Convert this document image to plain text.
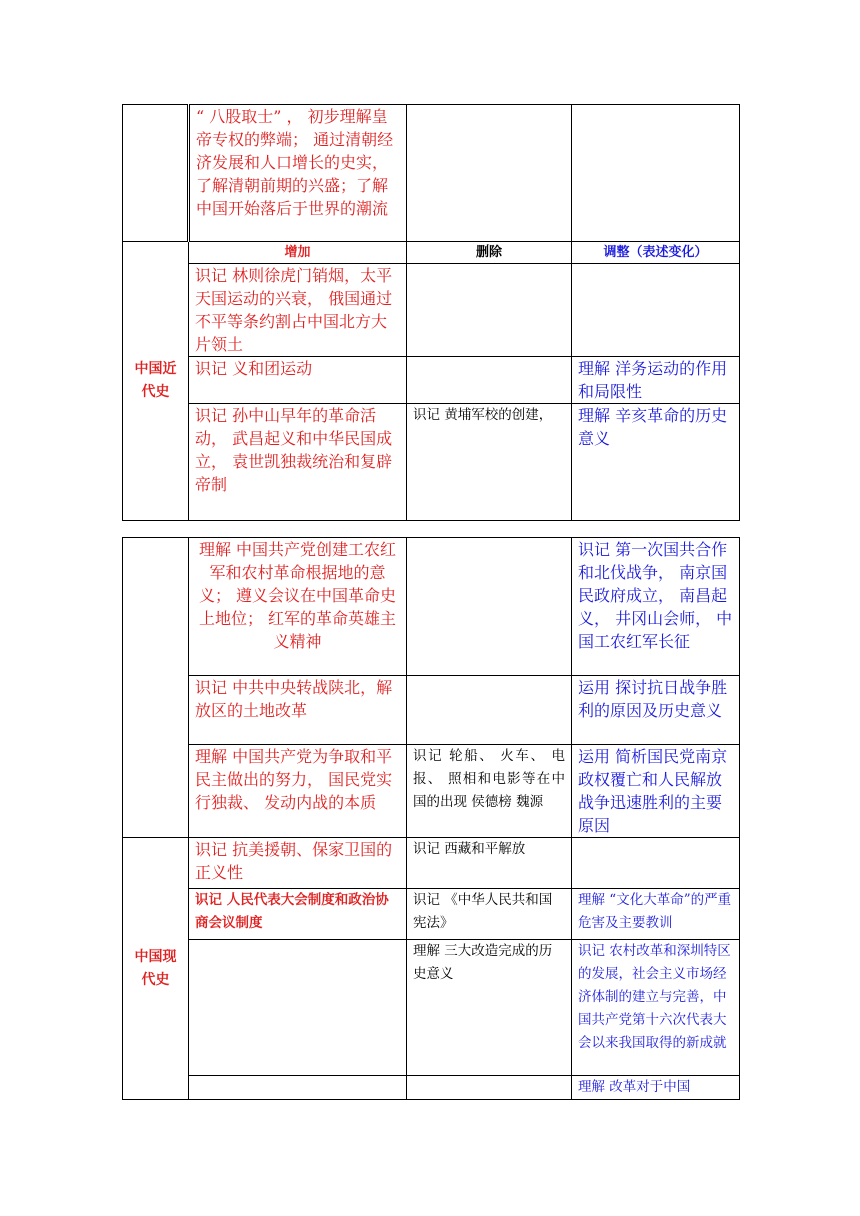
	“ 八股取士” ， 初步理解皇帝专权的弊端； 通过清朝经济发展和人口增长的史实， 了解清朝前期的兴盛；了解中国开始落后于世界的潮流		
中国近代史	增加	删除	调整（表述变化）
	识记 林则徐虎门销烟，太平天国运动的兴衰， 俄国通过不平等条约割占中国北方大片领土		
	识记 义和团运动		理解 洋务运动的作用和局限性
	识记 孙中山早年的革命活动， 武昌起义和中华民国成立， 袁世凯独裁统治和复辟帝制	识记 黄埔军校的创建，	理解 辛亥革命的历史意义
	理解 中国共产党创建工农红军和农村革命根据地的意义； 遵义会议在中国革命史上地位； 红军的革命英雄主义精神		识记 第一次国共合作和北伐战争， 南京国民政府成立， 南昌起义， 井冈山会师， 中国工农红军长征
	识记 中共中央转战陕北，解放区的土地改革		运用 探讨抗日战争胜利的原因及历史意义
	理解 中国共产党为争取和平民主做出的努力， 国民党实行独裁、 发动内战的本质	识记 轮船、 火车、 电报、 照相和电影等在中国的出现 侯德榜 魏源	运用 简析国民党南京政权覆亡和人民解放战争迅速胜利的主要原因
中国现代史	识记 抗美援朝、保家卫国的正义性	识记 西藏和平解放	
	识记 人民代表大会制度和政治协商会议制度	识记 《中华人民共和国宪法》	理解 “文化大革命”的严重危害及主要教训
		理解 三大改造完成的历史意义	识记 农村改革和深圳特区的发展，社会主义市场经济体制的建立与完善，中国共产党第十六次代表大会以来我国取得的新成就
			理解 改革对于中国
